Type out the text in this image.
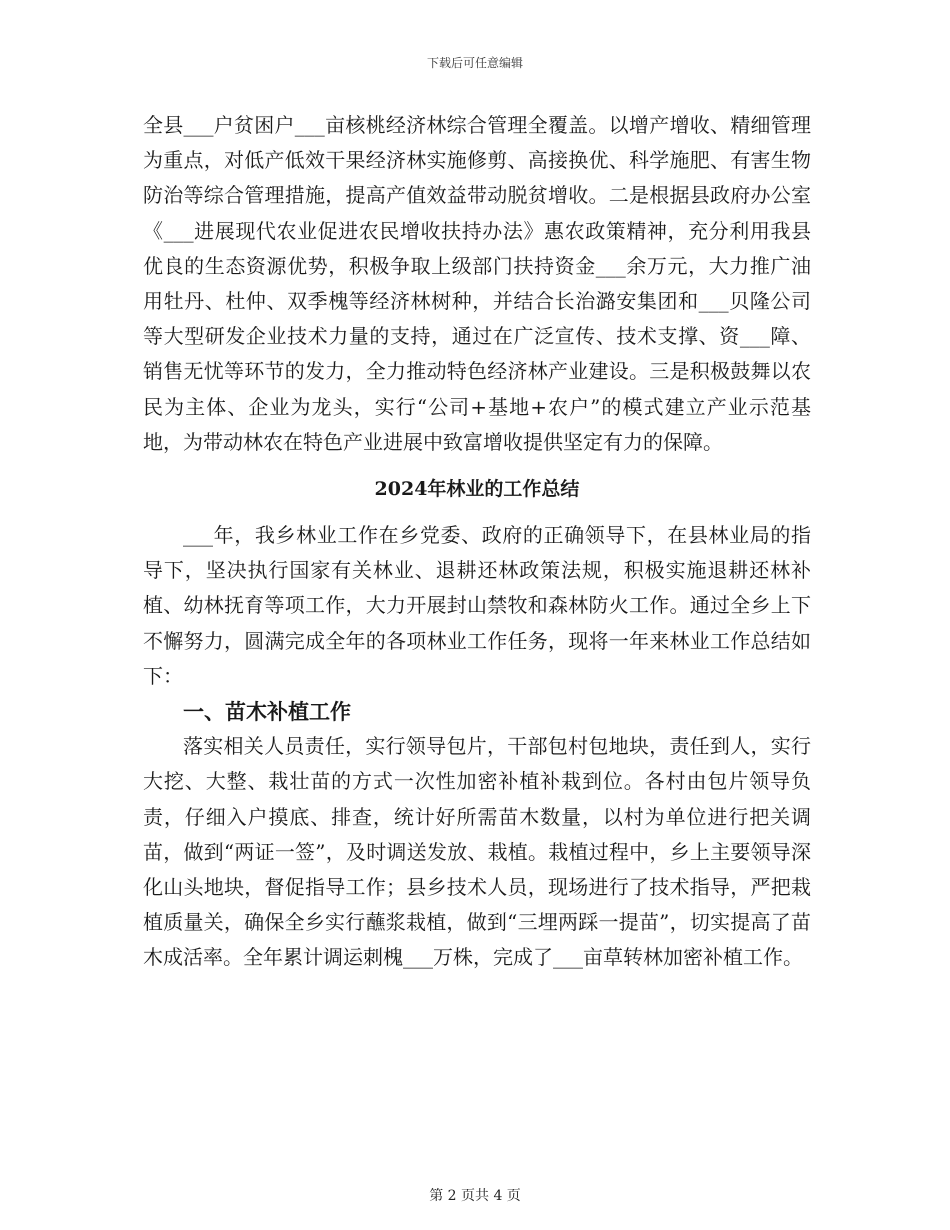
下载后可任意编辑

全县___户贫困户___亩核桃经济林综合管理全覆盖。以增产增收、精细管理为重点，对低产低效干果经济林实施修剪、高接换优、科学施肥、有害生物防治等综合管理措施，提高产值效益带动脱贫增收。二是根据县政府办公室《___进展现代农业促进农民增收扶持办法》惠农政策精神，充分利用我县优良的生态资源优势，积极争取上级部门扶持资金___余万元，大力推广油用牡丹、杜仲、双季槐等经济林树种，并结合长治潞安集团和___贝隆公司等大型研发企业技术力量的支持，通过在广泛宣传、技术支撑、资___障、销售无忧等环节的发力，全力推动特色经济林产业建设。三是积极鼓舞以农民为主体、企业为龙头，实行“公司+基地+农户”的模式建立产业示范基地，为带动林农在特色产业进展中致富增收提供坚定有力的保障。

2024年林业的工作总结

___年，我乡林业工作在乡党委、政府的正确领导下，在县林业局的指导下，坚决执行国家有关林业、退耕还林政策法规，积极实施退耕还林补植、幼林抚育等项工作，大力开展封山禁牧和森林防火工作。通过全乡上下不懈努力，圆满完成全年的各项林业工作任务，现将一年来林业工作总结如下：

一、苗木补植工作

落实相关人员责任，实行领导包片，干部包村包地块，责任到人，实行大挖、大整、栽壮苗的方式一次性加密补植补栽到位。各村由包片领导负责，仔细入户摸底、排查，统计好所需苗木数量，以村为单位进行把关调苗，做到“两证一签”，及时调送发放、栽植。栽植过程中，乡上主要领导深化山头地块，督促指导工作；县乡技术人员，现场进行了技术指导，严把栽植质量关，确保全乡实行蘸浆栽植，做到“三埋两踩一提苗”，切实提高了苗木成活率。全年累计调运刺槐___万株，完成了___亩草转林加密补植工作。

第 2 页共 4 页
